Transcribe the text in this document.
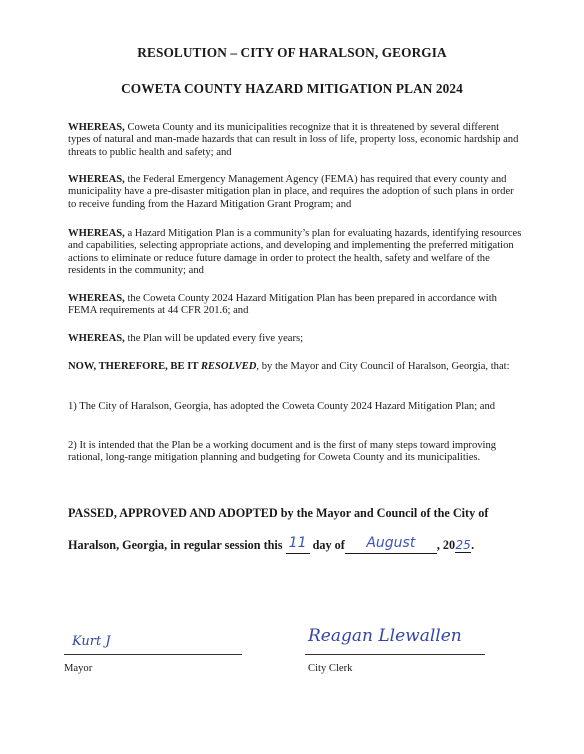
RESOLUTION – CITY OF HARALSON, GEORGIA
COWETA COUNTY HAZARD MITIGATION PLAN 2024
WHEREAS, Coweta County and its municipalities recognize that it is threatened by several different types of natural and man-made hazards that can result in loss of life, property loss, economic hardship and threats to public health and safety; and
WHEREAS, the Federal Emergency Management Agency (FEMA) has required that every county and municipality have a pre-disaster mitigation plan in place, and requires the adoption of such plans in order to receive funding from the Hazard Mitigation Grant Program; and
WHEREAS, a Hazard Mitigation Plan is a community’s plan for evaluating hazards, identifying resources and capabilities, selecting appropriate actions, and developing and implementing the preferred mitigation actions to eliminate or reduce future damage in order to protect the health, safety and welfare of the residents in the community; and
WHEREAS, the Coweta County 2024 Hazard Mitigation Plan has been prepared in accordance with FEMA requirements at 44 CFR 201.6; and
WHEREAS, the Plan will be updated every five years;
NOW, THEREFORE, BE IT RESOLVED, by the Mayor and City Council of Haralson, Georgia, that:
1) The City of Haralson, Georgia, has adopted the Coweta County 2024 Hazard Mitigation Plan; and
2) It is intended that the Plan be a working document and is the first of many steps toward improving rational, long-range mitigation planning and budgeting for Coweta County and its municipalities.
PASSED, APPROVED AND ADOPTED by the Mayor and Council of the City of
Haralson, Georgia, in regular session this 11 day of August , 2025.
Kurt J
Mayor
Reagan Llewallen
City Clerk
